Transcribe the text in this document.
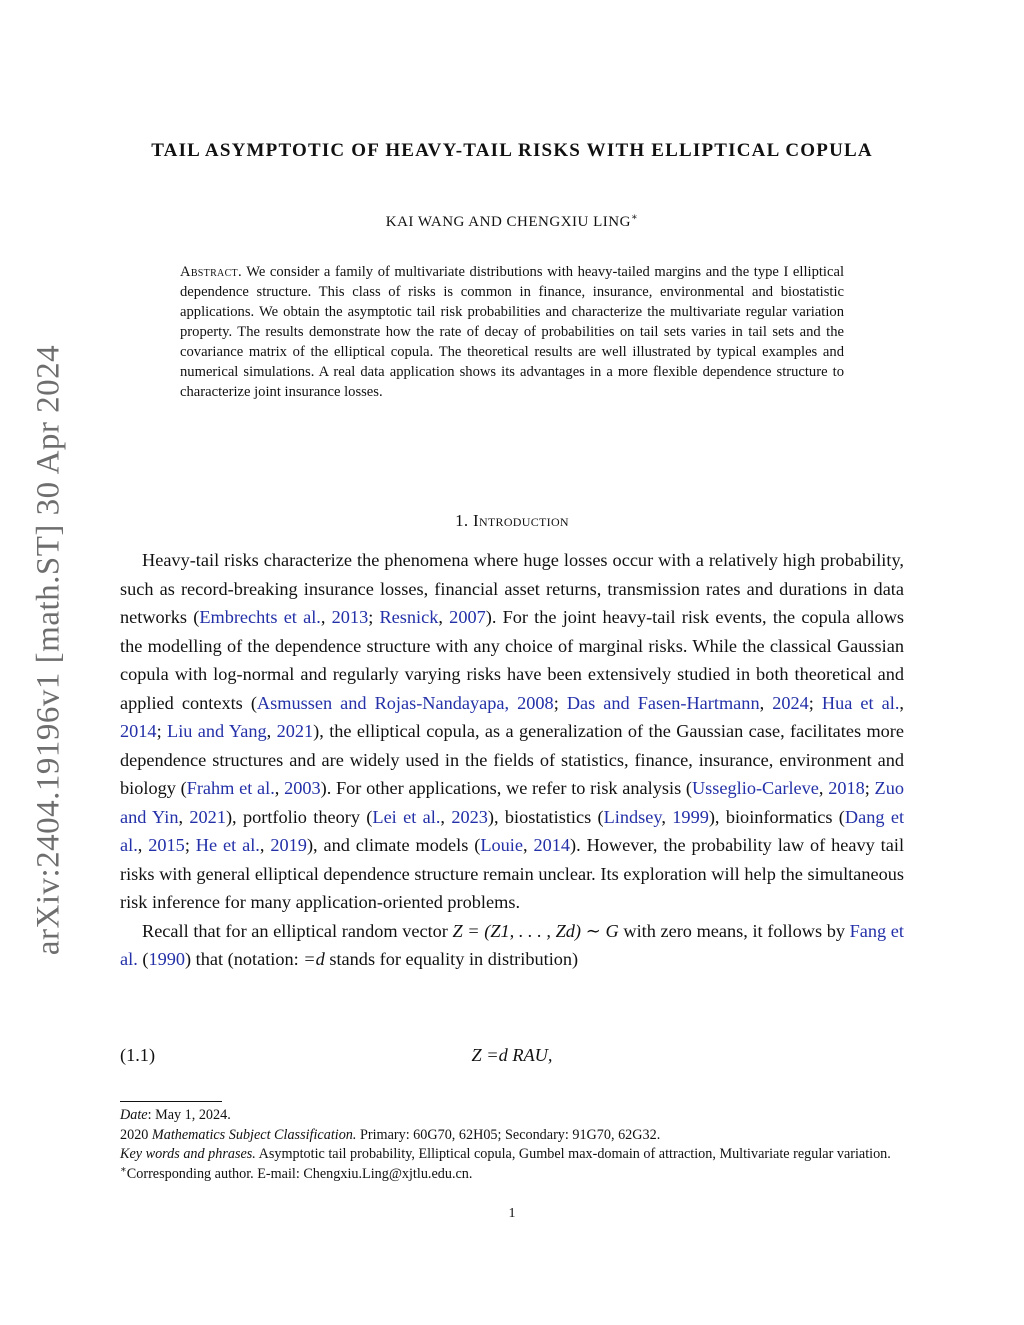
arXiv:2404.19196v1 [math.ST] 30 Apr 2024
TAIL ASYMPTOTIC OF HEAVY-TAIL RISKS WITH ELLIPTICAL COPULA
KAI WANG AND CHENGXIU LING∗
Abstract. We consider a family of multivariate distributions with heavy-tailed margins and the type I elliptical dependence structure. This class of risks is common in finance, insurance, environmental and biostatistic applications. We obtain the asymptotic tail risk probabilities and characterize the multivariate regular variation property. The results demonstrate how the rate of decay of probabilities on tail sets varies in tail sets and the covariance matrix of the elliptical copula. The theoretical results are well illustrated by typical examples and numerical simulations. A real data application shows its advantages in a more flexible dependence structure to characterize joint insurance losses.
1. Introduction

Heavy-tail risks characterize the phenomena where huge losses occur with a relatively high probability, such as record-breaking insurance losses, financial asset returns, transmission rates and durations in data networks (Embrechts et al., 2013; Resnick, 2007). For the joint heavy-tail risk events, the copula allows the modelling of the dependence structure with any choice of marginal risks. While the classical Gaussian copula with log-normal and regularly varying risks have been extensively studied in both theoretical and applied contexts (Asmussen and Rojas-Nandayapa, 2008; Das and Fasen-Hartmann, 2024; Hua et al., 2014; Liu and Yang, 2021), the elliptical copula, as a generalization of the Gaussian case, facilitates more dependence structures and are widely used in the fields of statistics, finance, insurance, environment and biology (Frahm et al., 2003). For other applications, we refer to risk analysis (Usseglio-Carleve, 2018; Zuo and Yin, 2021), portfolio theory (Lei et al., 2023), biostatistics (Lindsey, 1999), bioinformatics (Dang et al., 2015; He et al., 2019), and climate models (Louie, 2014). However, the probability law of heavy tail risks with general elliptical dependence structure remain unclear. Its exploration will help the simultaneous risk inference for many application-oriented problems.

Recall that for an elliptical random vector Z = (Z1, . . . , Zd) ∼ G with zero means, it follows by Fang et al. (1990) that (notation: =d stands for equality in distribution)

(1.1)	Z =d RAU,

Date: May 1, 2024.

2020 Mathematics Subject Classification. Primary: 60G70, 62H05; Secondary: 91G70, 62G32.

Key words and phrases. Asymptotic tail probability, Elliptical copula, Gumbel max-domain of attraction, Multivariate regular variation.

∗Corresponding author. E-mail: Chengxiu.Ling@xjtlu.edu.cn.

1
